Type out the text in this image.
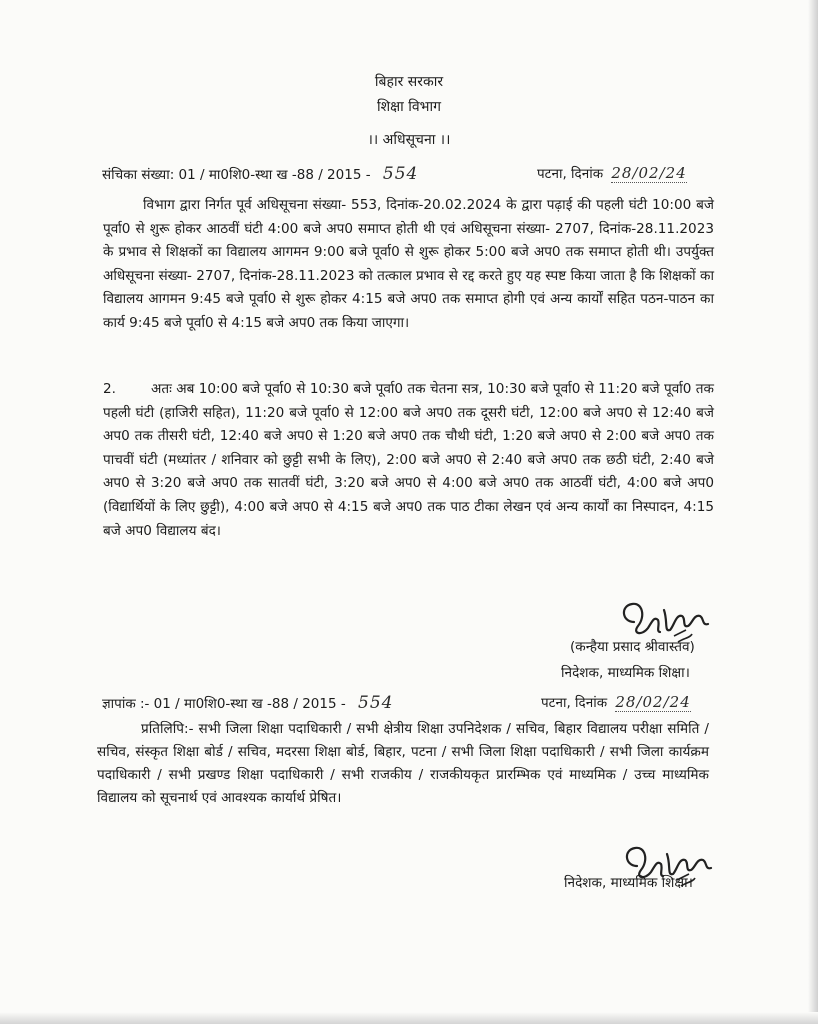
बिहार सरकार
शिक्षा विभाग
।। अधिसूचना ।।
संचिका संख्या: 01 / मा0शि0-स्था ख -88 / 2015 - 554	पटना, दिनांक 28/02/24
विभाग द्वारा निर्गत पूर्व अधिसूचना संख्या- 553, दिनांक-20.02.2024 के द्वारा पढ़ाई की पहली घंटी 10:00 बजे पूर्वा0 से शुरू होकर आठवीं घंटी 4:00 बजे अप0 समाप्त होती थी एवं अधिसूचना संख्या- 2707, दिनांक-28.11.2023 के प्रभाव से शिक्षकों का विद्यालय आगमन 9:00 बजे पूर्वा0 से शुरू होकर 5:00 बजे अप0 तक समाप्त होती थी। उपर्युक्त अधिसूचना संख्या- 2707, दिनांक-28.11.2023 को तत्काल प्रभाव से रद्द करते हुए यह स्पष्ट किया जाता है कि शिक्षकों का विद्यालय आगमन 9:45 बजे पूर्वा0 से शुरू होकर 4:15 बजे अप0 तक समाप्त होगी एवं अन्य कार्यों सहित पठन-पाठन का कार्य 9:45 बजे पूर्वा0 से 4:15 बजे अप0 तक किया जाएगा।
2.	अतः अब 10:00 बजे पूर्वा0 से 10:30 बजे पूर्वा0 तक चेतना सत्र, 10:30 बजे पूर्वा0 से 11:20 बजे पूर्वा0 तक पहली घंटी (हाजिरी सहित), 11:20 बजे पूर्वा0 से 12:00 बजे अप0 तक दूसरी घंटी, 12:00 बजे अप0 से 12:40 बजे अप0 तक तीसरी घंटी, 12:40 बजे अप0 से 1:20 बजे अप0 तक चौथी घंटी, 1:20 बजे अप0 से 2:00 बजे अप0 तक पाचवीं घंटी (मध्यांतर / शनिवार को छुट्टी सभी के लिए), 2:00 बजे अप0 से 2:40 बजे अप0 तक छठी घंटी, 2:40 बजे अप0 से 3:20 बजे अप0 तक सातवीं घंटी, 3:20 बजे अप0 से 4:00 बजे अप0 तक आठवीं घंटी, 4:00 बजे अप0 (विद्यार्थियों के लिए छुट्टी), 4:00 बजे अप0 से 4:15 बजे अप0 तक पाठ टीका लेखन एवं अन्य कार्यों का निस्पादन, 4:15 बजे अप0 विद्यालय बंद।
(कन्हैया प्रसाद श्रीवास्तव)
निदेशक, माध्यमिक शिक्षा।
ज्ञापांक :- 01 / मा0शि0-स्था ख -88 / 2015 - 554	पटना, दिनांक 28/02/24
प्रतिलिपि:- सभी जिला शिक्षा पदाधिकारी / सभी क्षेत्रीय शिक्षा उपनिदेशक / सचिव, बिहार विद्यालय परीक्षा समिति / सचिव, संस्कृत शिक्षा बोर्ड / सचिव, मदरसा शिक्षा बोर्ड, बिहार, पटना / सभी जिला शिक्षा पदाधिकारी / सभी जिला कार्यक्रम पदाधिकारी / सभी प्रखण्ड शिक्षा पदाधिकारी / सभी राजकीय / राजकीयकृत प्रारम्भिक एवं माध्यमिक / उच्च माध्यमिक विद्यालय को सूचनार्थ एवं आवश्यक कार्यार्थ प्रेषित।
निदेशक, माध्यमिक शिक्षा।
